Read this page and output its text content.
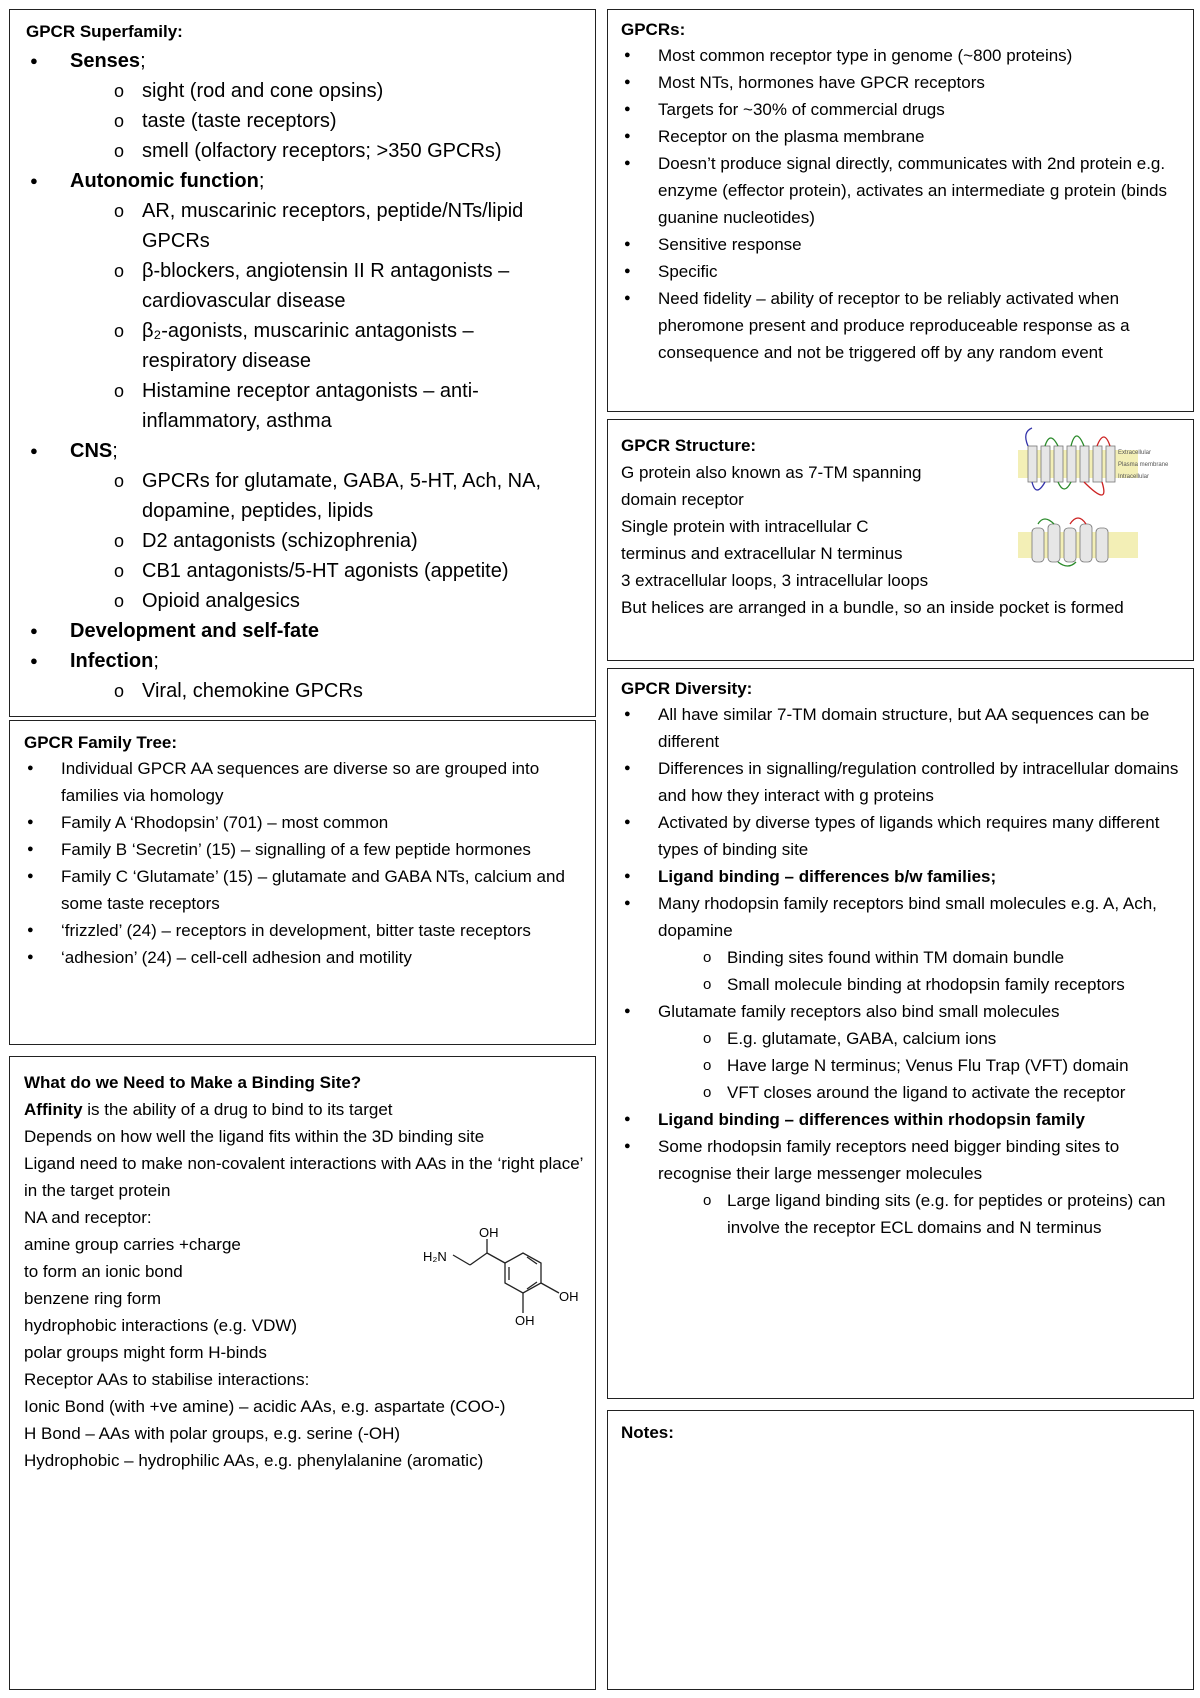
GPCR Superfamily:
● Senses;
o sight (rod and cone opsins)
o taste (taste receptors)
o smell (olfactory receptors; >350 GPCRs)
● Autonomic function;
o AR, muscarinic receptors, peptide/NTs/lipid GPCRs
o β-blockers, angiotensin II R antagonists – cardiovascular disease
o β₂-agonists, muscarinic antagonists – respiratory disease
o Histamine receptor antagonists – anti-inflammatory, asthma
● CNS;
o GPCRs for glutamate, GABA, 5-HT, Ach, NA, dopamine, peptides, lipids
o D2 antagonists (schizophrenia)
o CB1 antagonists/5-HT agonists (appetite)
o Opioid analgesics
● Development and self-fate
● Infection;
o Viral, chemokine GPCRs
GPCR Family Tree:
● Individual GPCR AA sequences are diverse so are grouped into families via homology
● Family A ‘Rhodopsin’ (701) – most common
● Family B ‘Secretin’ (15) – signalling of a few peptide hormones
● Family C ‘Glutamate’ (15) – glutamate and GABA NTs, calcium and some taste receptors
● ‘frizzled’ (24) – receptors in development, bitter taste receptors
● ‘adhesion’ (24) – cell-cell adhesion and motility
What do we Need to Make a Binding Site?
Affinity is the ability of a drug to bind to its target
Depends on how well the ligand fits within the 3D binding site
Ligand need to make non-covalent interactions with AAs in the ‘right place’ in the target protein
NA and receptor:
amine group carries +charge
to form an ionic bond
benzene ring form
hydrophobic interactions (e.g. VDW)
polar groups might form H-binds
Receptor AAs to stabilise interactions:
Ionic Bond (with +ve amine) – acidic AAs, e.g. aspartate (COO-)
H Bond – AAs with polar groups, e.g. serine (-OH)
Hydrophobic – hydrophilic AAs, e.g. phenylalanine (aromatic)
OH
H₂N
OH
OH
GPCRs:
● Most common receptor type in genome (~800 proteins)
● Most NTs, hormones have GPCR receptors
● Targets for ~30% of commercial drugs
● Receptor on the plasma membrane
● Doesn’t produce signal directly, communicates with 2nd protein e.g. enzyme (effector protein), activates an intermediate g protein (binds guanine nucleotides)
● Sensitive response
● Specific
● Need fidelity – ability of receptor to be reliably activated when pheromone present and produce reproduceable response as a consequence and not be triggered off by any random event
GPCR Structure:
G protein also known as 7-TM spanning
domain receptor
Single protein with intracellular C
terminus and extracellular N terminus
3 extracellular loops, 3 intracellular loops
But helices are arranged in a bundle, so an inside pocket is formed
Extracellular
Plasma membrane
Intracellular
GPCR Diversity:
● All have similar 7-TM domain structure, but AA sequences can be different
● Differences in signalling/regulation controlled by intracellular domains and how they interact with g proteins
● Activated by diverse types of ligands which requires many different types of binding site
● Ligand binding – differences b/w families;
● Many rhodopsin family receptors bind small molecules e.g. A, Ach, dopamine
o Binding sites found within TM domain bundle
o Small molecule binding at rhodopsin family receptors
● Glutamate family receptors also bind small molecules
o E.g. glutamate, GABA, calcium ions
o Have large N terminus; Venus Flu Trap (VFT) domain
o VFT closes around the ligand to activate the receptor
● Ligand binding – differences within rhodopsin family
● Some rhodopsin family receptors need bigger binding sites to recognise their large messenger molecules
o Large ligand binding sits (e.g. for peptides or proteins) can involve the receptor ECL domains and N terminus
Notes:
